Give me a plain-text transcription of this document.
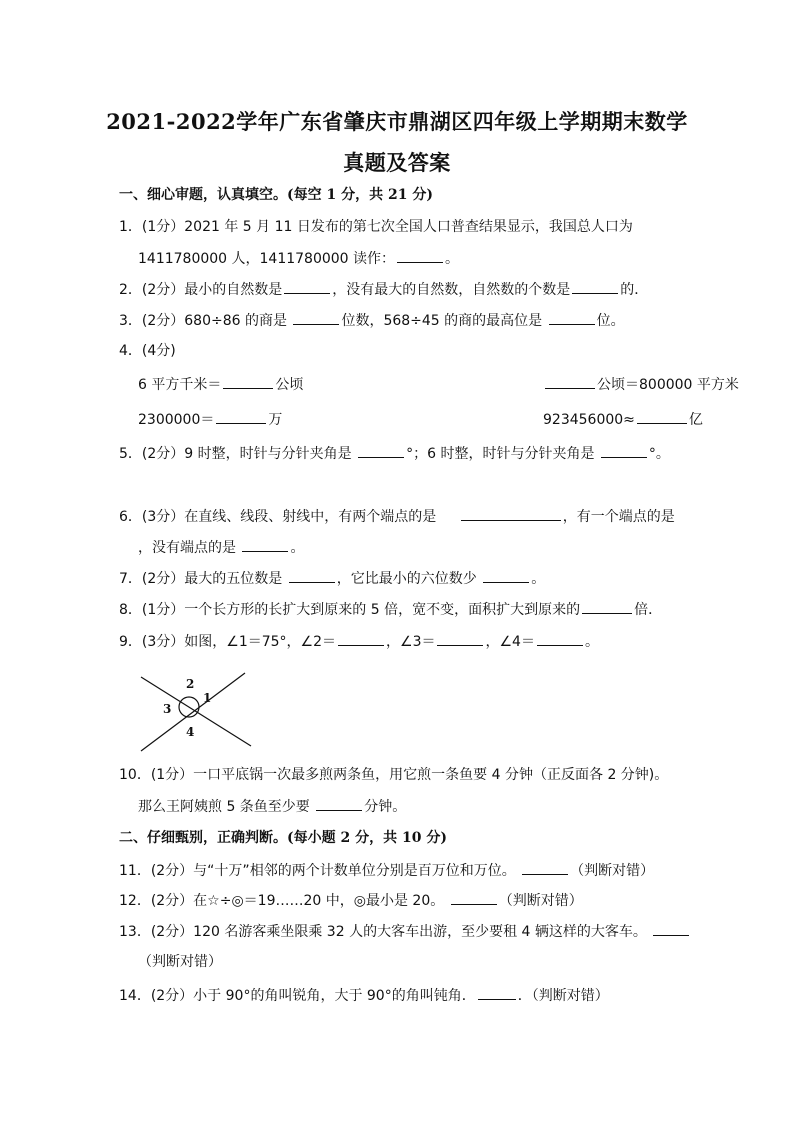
2021-2022学年广东省肇庆市鼎湖区四年级上学期期末数学
真题及答案
一、细心审题，认真填空。(每空 1 分，共 21 分)
1．(1分）2021 年 5 月 11 日发布的第七次全国人口普查结果显示，我国总人口为
1411780000 人，1411780000 读作：	。
2．(2分）最小的自然数是	，没有最大的自然数，自然数的个数是	的．
3．(2分）680÷86 的商是	位数，568÷45 的商的最高位是	位。
4．(4分)
6 平方千米＝	公顷	公顷＝800000 平方米
2300000＝	万	923456000≈	亿
5．(2分）9 时整，时针与分针夹角是	°；6 时整，时针与分针夹角是	°。
6．(3分）在直线、线段、射线中，有两个端点的是	，有一个端点的是
，没有端点的是	。
7．(2分）最大的五位数是	，它比最小的六位数少	。
8．(1分）一个长方形的长扩大到原来的 5 倍，宽不变，面积扩大到原来的	倍．
9．(3分）如图，∠1＝75°，∠2＝	，∠3＝	，∠4＝	。
1
2
3
4
10．(1分）一口平底锅一次最多煎两条鱼，用它煎一条鱼要 4 分钟（正反面各 2 分钟)。
那么王阿姨煎 5 条鱼至少要	分钟。
二、仔细甄别，正确判断。(每小题 2 分，共 10 分)
11．(2分）与“十万”相邻的两个计数单位分别是百万位和万位。	（判断对错）
12．(2分）在☆÷◎＝19……20 中，◎最小是 20。	（判断对错）
13．(2分）120 名游客乘坐限乘 32 人的大客车出游，至少要租 4 辆这样的大客车。
（判断对错）
14．(2分）小于 90°的角叫锐角，大于 90°的角叫钝角．	．（判断对错）
